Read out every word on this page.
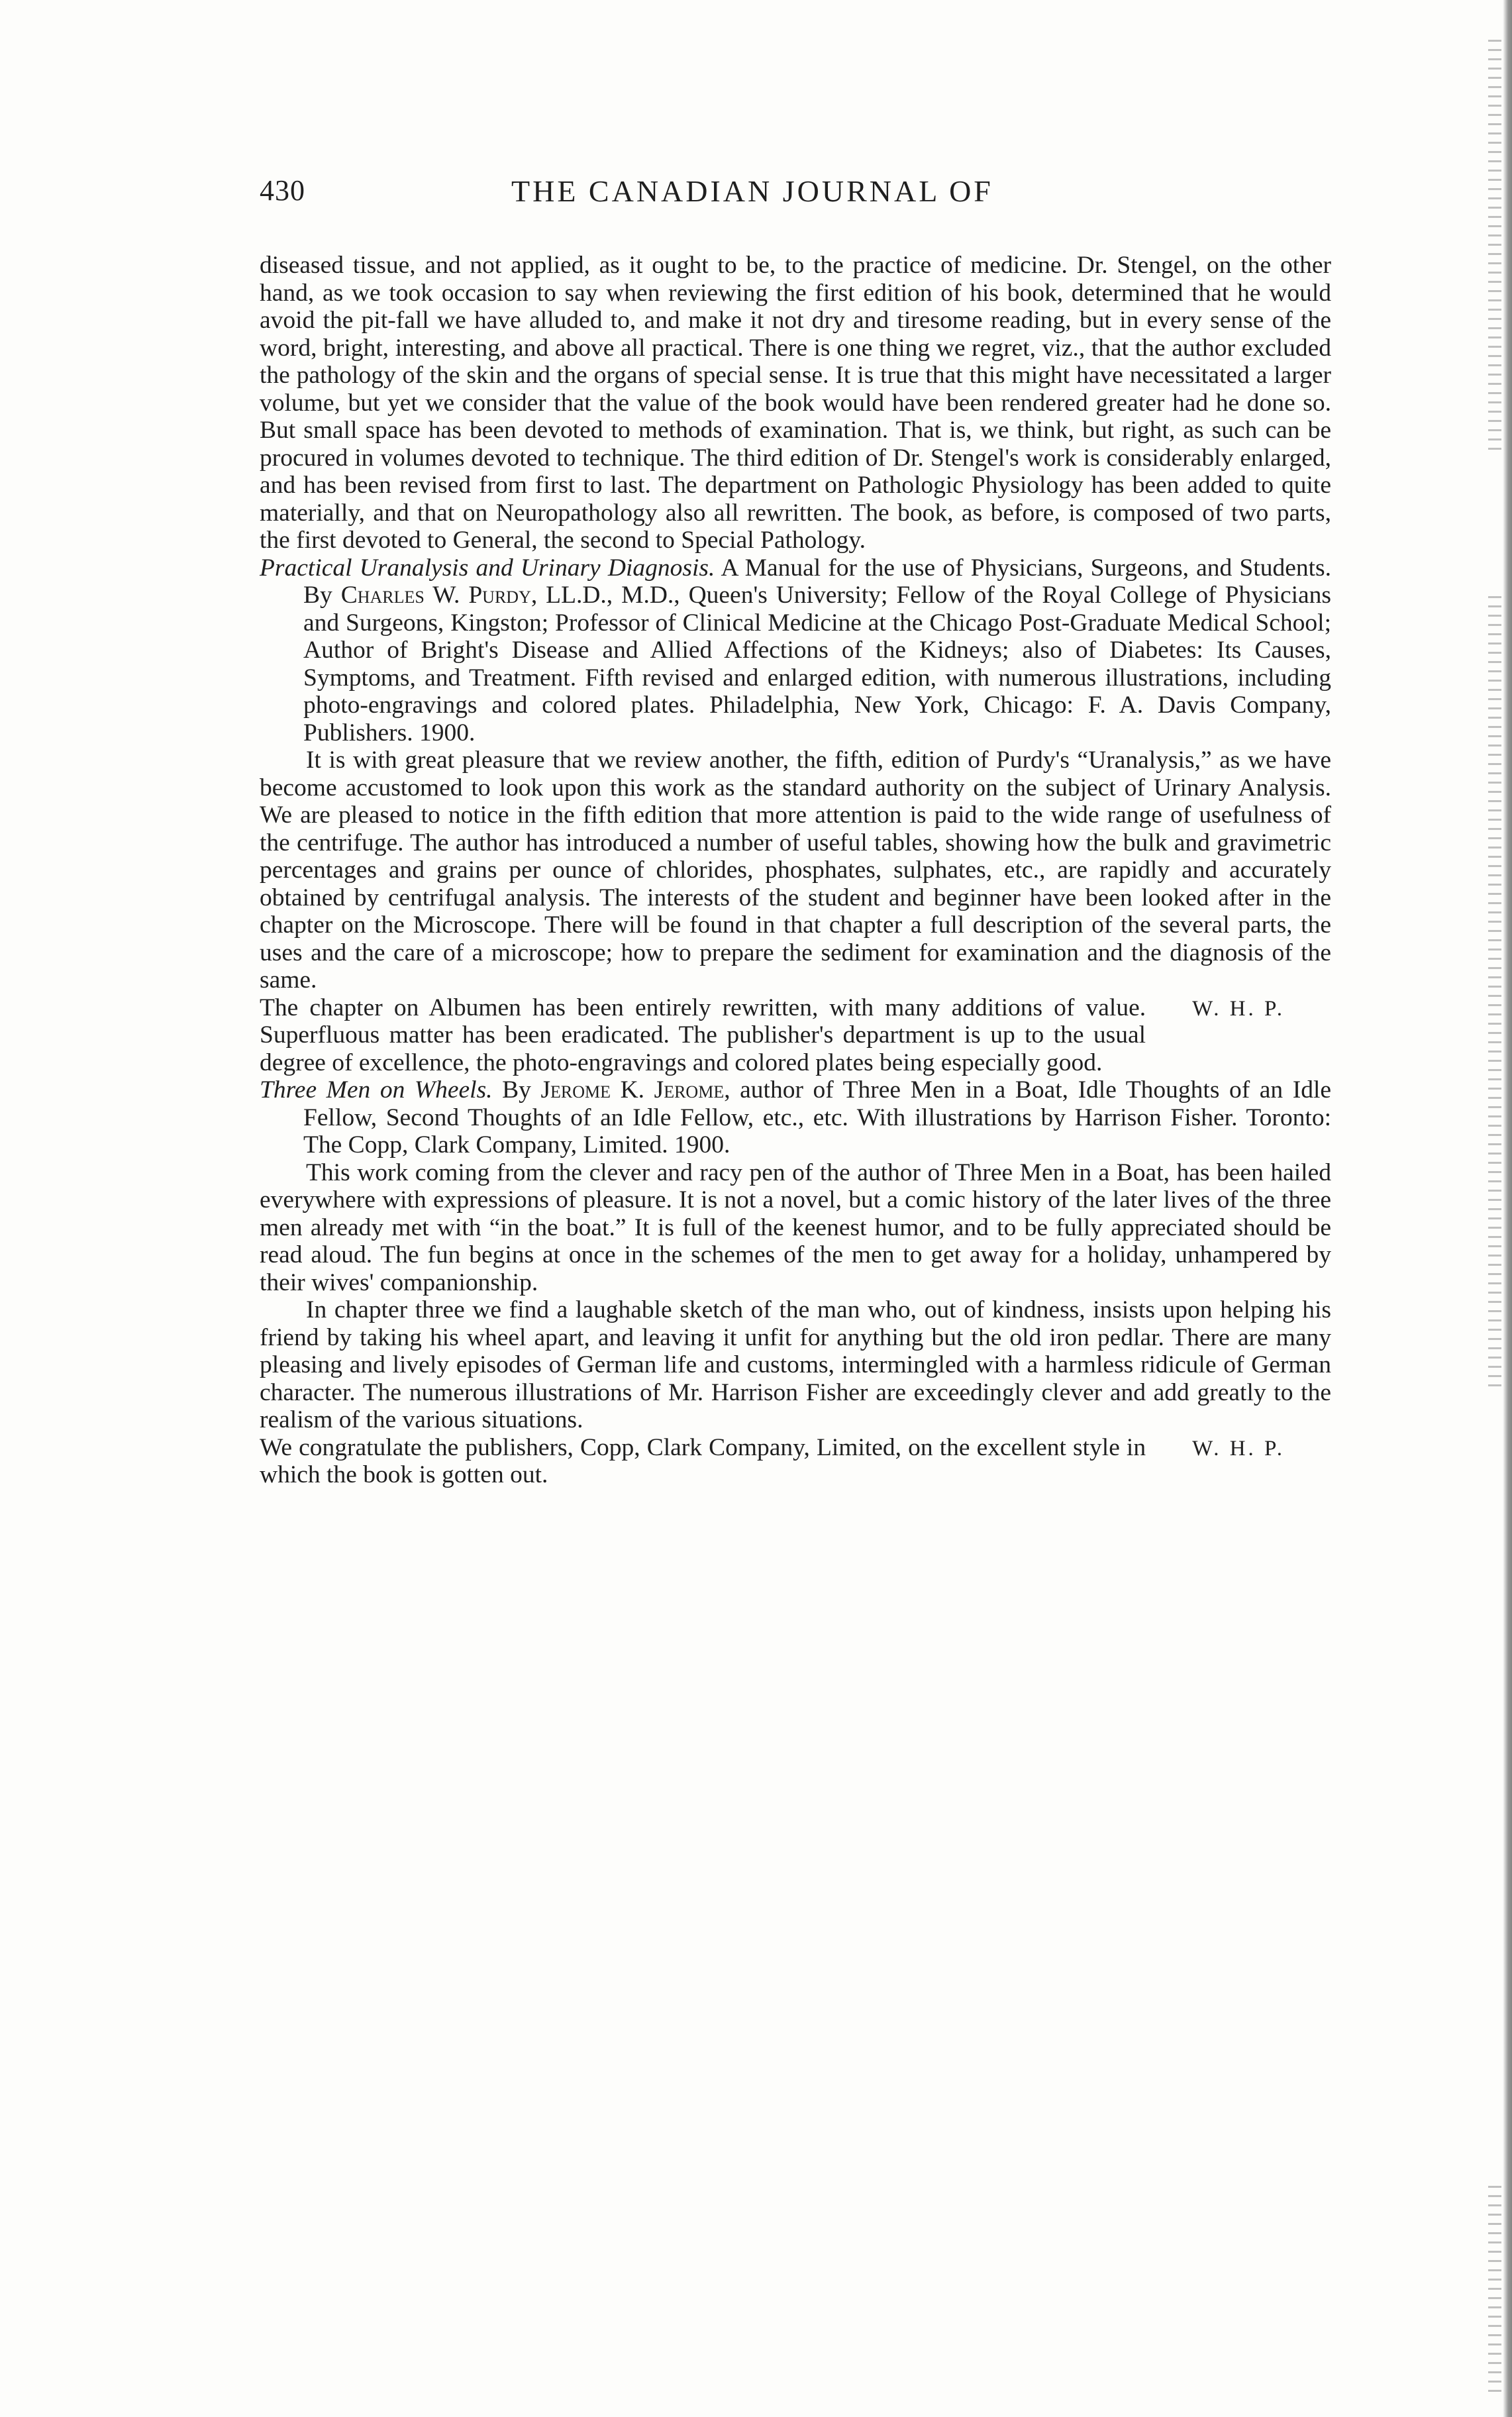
430	THE CANADIAN JOURNAL OF

diseased tissue, and not applied, as it ought to be, to the practice of medicine. Dr. Stengel, on the other hand, as we took occasion to say when reviewing the first edition of his book, determined that he would avoid the pit-fall we have alluded to, and make it not dry and tiresome reading, but in every sense of the word, bright, interesting, and above all practical. There is one thing we regret, viz., that the author excluded the pathology of the skin and the organs of special sense. It is true that this might have necessitated a larger volume, but yet we consider that the value of the book would have been rendered greater had he done so. But small space has been devoted to methods of examination. That is, we think, but right, as such can be procured in volumes devoted to technique. The third edition of Dr. Stengel's work is considerably enlarged, and has been revised from first to last. The department on Pathologic Physiology has been added to quite materially, and that on Neuropathology also all rewritten. The book, as before, is composed of two parts, the first devoted to General, the second to Special Pathology.

Practical Uranalysis and Urinary Diagnosis. A Manual for the use of Physicians, Surgeons, and Students. By Charles W. Purdy, LL.D., M.D., Queen's University; Fellow of the Royal College of Physicians and Surgeons, Kingston; Professor of Clinical Medicine at the Chicago Post-Graduate Medical School; Author of Bright's Disease and Allied Affections of the Kidneys; also of Diabetes: Its Causes, Symptoms, and Treatment. Fifth revised and enlarged edition, with numerous illustrations, including photo-engravings and colored plates. Philadelphia, New York, Chicago: F. A. Davis Company, Publishers. 1900.

It is with great pleasure that we review another, the fifth, edition of Purdy's “Uranalysis,” as we have become accustomed to look upon this work as the standard authority on the subject of Urinary Analysis. We are pleased to notice in the fifth edition that more attention is paid to the wide range of usefulness of the centrifuge. The author has introduced a number of useful tables, showing how the bulk and gravimetric percentages and grains per ounce of chlorides, phosphates, sulphates, etc., are rapidly and accurately obtained by centrifugal analysis. The interests of the student and beginner have been looked after in the chapter on the Microscope. There will be found in that chapter a full description of the several parts, the uses and the care of a microscope; how to prepare the sediment for examination and the diagnosis of the same.

The chapter on Albumen has been entirely rewritten, with many additions of value. Superfluous matter has been eradicated. The publisher's department is up to the usual degree of excellence, the photo-engravings and colored plates being especially good.
W. H. P.

Three Men on Wheels. By Jerome K. Jerome, author of Three Men in a Boat, Idle Thoughts of an Idle Fellow, Second Thoughts of an Idle Fellow, etc., etc. With illustrations by Harrison Fisher. Toronto: The Copp, Clark Company, Limited. 1900.

This work coming from the clever and racy pen of the author of Three Men in a Boat, has been hailed everywhere with expressions of pleasure. It is not a novel, but a comic history of the later lives of the three men already met with “in the boat.” It is full of the keenest humor, and to be fully appreciated should be read aloud. The fun begins at once in the schemes of the men to get away for a holiday, unhampered by their wives' companionship.

In chapter three we find a laughable sketch of the man who, out of kindness, insists upon helping his friend by taking his wheel apart, and leaving it unfit for anything but the old iron pedlar. There are many pleasing and lively episodes of German life and customs, intermingled with a harmless ridicule of German character. The numerous illustrations of Mr. Harrison Fisher are exceedingly clever and add greatly to the realism of the various situations.

We congratulate the publishers, Copp, Clark Company, Limited, on the excellent style in which the book is gotten out.
W. H. P.
